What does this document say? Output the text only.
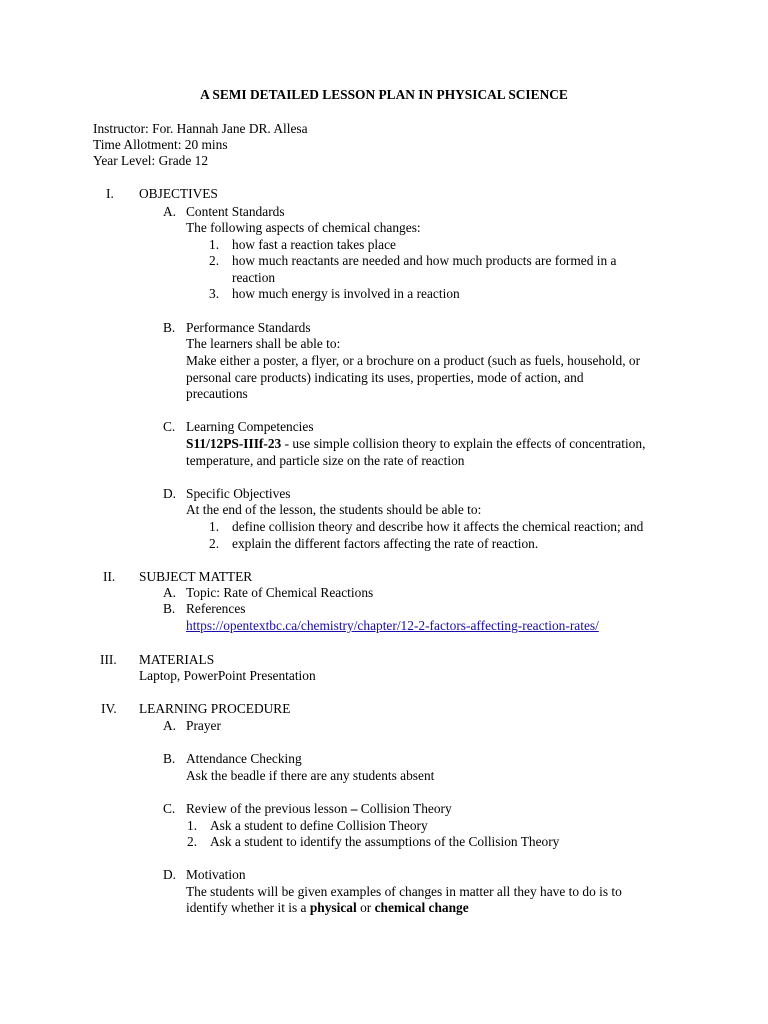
A SEMI DETAILED LESSON PLAN IN PHYSICAL SCIENCE
Instructor: For. Hannah Jane DR. Allesa
Time Allotment: 20 mins
Year Level: Grade 12
I. OBJECTIVES
A. Content Standards
The following aspects of chemical changes:
1. how fast a reaction takes place
2. how much reactants are needed and how much products are formed in a
reaction
3. how much energy is involved in a reaction
B. Performance Standards
The learners shall be able to:
Make either a poster, a flyer, or a brochure on a product (such as fuels, household, or
personal care products) indicating its uses, properties, mode of action, and
precautions
C. Learning Competencies
S11/12PS-IIIf-23 - use simple collision theory to explain the effects of concentration,
temperature, and particle size on the rate of reaction
D. Specific Objectives
At the end of the lesson, the students should be able to:
1. define collision theory and describe how it affects the chemical reaction; and
2. explain the different factors affecting the rate of reaction.
II. SUBJECT MATTER
A. Topic: Rate of Chemical Reactions
B. References
https://opentextbc.ca/chemistry/chapter/12-2-factors-affecting-reaction-rates/
III. MATERIALS
Laptop, PowerPoint Presentation
IV. LEARNING PROCEDURE
A. Prayer
B. Attendance Checking
Ask the beadle if there are any students absent
C. Review of the previous lesson – Collision Theory
1. Ask a student to define Collision Theory
2. Ask a student to identify the assumptions of the Collision Theory
D. Motivation
The students will be given examples of changes in matter all they have to do is to
identify whether it is a physical or chemical change
